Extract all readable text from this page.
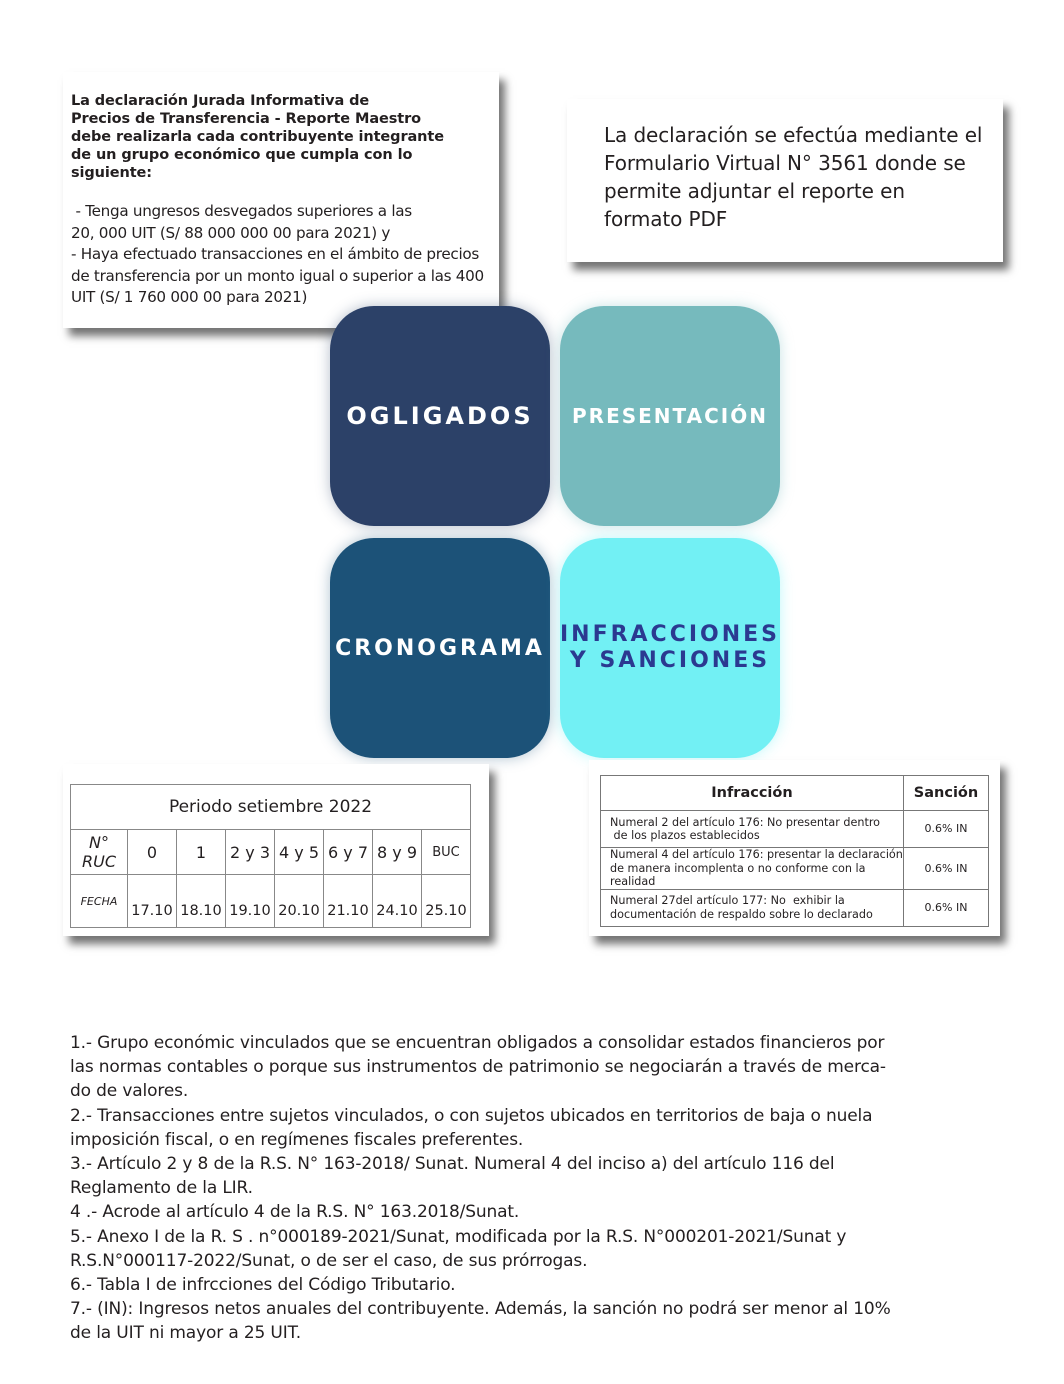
La declaración Jurada Informativa de
Precios de Transferencia - Reporte Maestro
debe realizarla cada contribuyente integrante
de un grupo económico que cumpla con lo
siguiente:
- Tenga ungresos desvegados superiores a las
20, 000 UIT (S/ 88 000 000 00 para 2021) y
- Haya efectuado transacciones en el ámbito de precios
de transferencia por un monto igual o superior a las 400
UIT (S/ 1 760 000 00 para 2021)
La declaración se efectúa mediante el
Formulario Virtual N° 3561 donde se
permite adjuntar el reporte en
formato PDF
OGLIGADOS PRESENTACIÓN
CRONOGRAMA
INFRACCIONES
Y SANCIONES
Periodo setiembre 2022							
N° RUC	0	1	2 y 3	4 y 5	6 y 7	8 y 9	BUC
FECHA	17.10	18.10	19.10	20.10	21.10	24.10	25.10
Infracción	Sanción

Numeral 2 del artículo 176: No presentar dentro
de los plazos establecidos	0.6% IN

Numeral 4 del artículo 176: presentar la declaración
de manera incomplenta o no conforme con la realidad	0.6% IN

Numeral 27del artículo 177: No  exhibir la
documentación de respaldo sobre lo declarado	0.6% IN

1.- Grupo económic vinculados que se encuentran obligados a consolidar estados financieros por las normas contables o porque sus instrumentos de patrimonio se negociarán a través de merca-do de valores.

2.- Transacciones entre sujetos vinculados, o con sujetos ubicados en territorios de baja o nuela imposición fiscal, o en regímenes fiscales preferentes.

3.- Artículo 2 y 8 de la R.S. N° 163-2018/ Sunat. Numeral 4 del inciso a) del artículo 116 del Reglamento de la LIR.

4 .- Acrode al artículo 4 de la R.S. N° 163.2018/Sunat.

5.- Anexo I de la R. S . n°000189-2021/Sunat, modificada por la R.S. N°000201-2021/Sunat y R.S.N°000117-2022/Sunat, o de ser el caso, de sus prórrogas.

6.- Tabla I de infrcciones del Código Tributario.

7.- (IN): Ingresos netos anuales del contribuyente. Además, la sanción no podrá ser menor al 10% de la UIT ni mayor a 25 UIT.
